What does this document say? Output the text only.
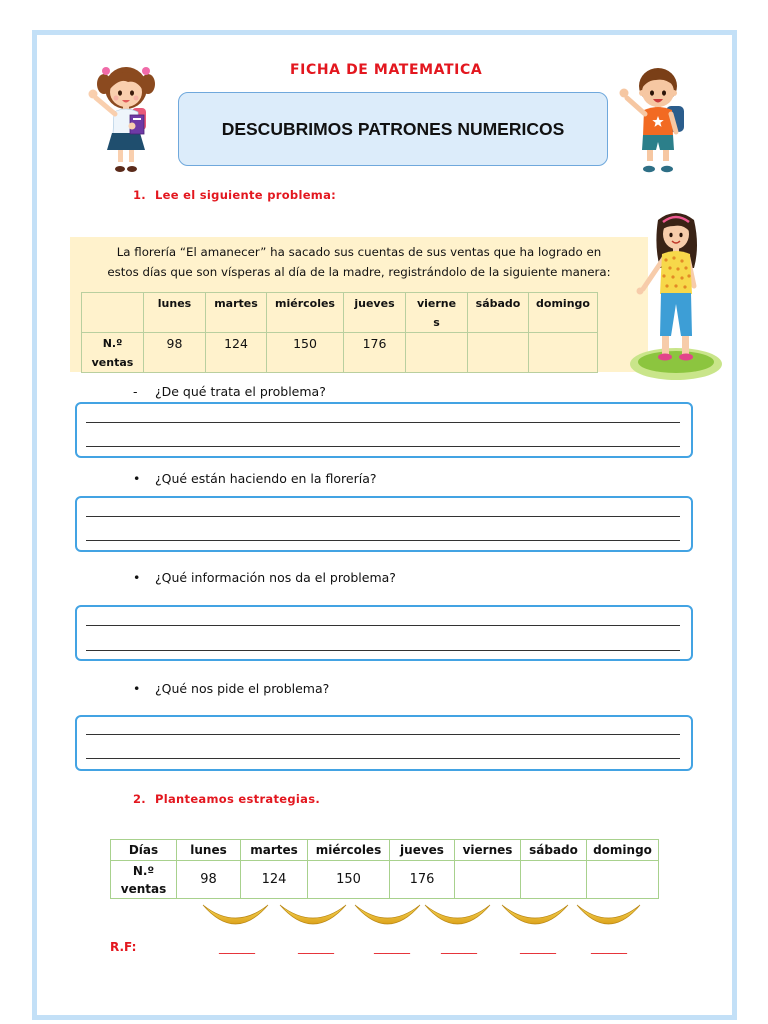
FICHA DE MATEMATICA
DESCUBRIMOS PATRONES NUMERICOS
1. Lee el siguiente problema:
La florería “El amanecer” ha sacado sus cuentas de sus ventas que ha logrado en
estos días que son vísperas al día de la madre, registrándolo de la siguiente manera:
	lunes	martes	miércoles	jueves	viernes	sábado	domingo
N.º ventas	98	124	150	176			
- ¿De qué trata el problema?
• ¿Qué están haciendo en la florería?
• ¿Qué información nos da el problema?
• ¿Qué nos pide el problema?
2. Planteamos estrategias.
Días	lunes	martes	miércoles	jueves	viernes	sábado	domingo
N.º ventas	98	124	150	176			
R.F:	______	______	______	______	______	______
